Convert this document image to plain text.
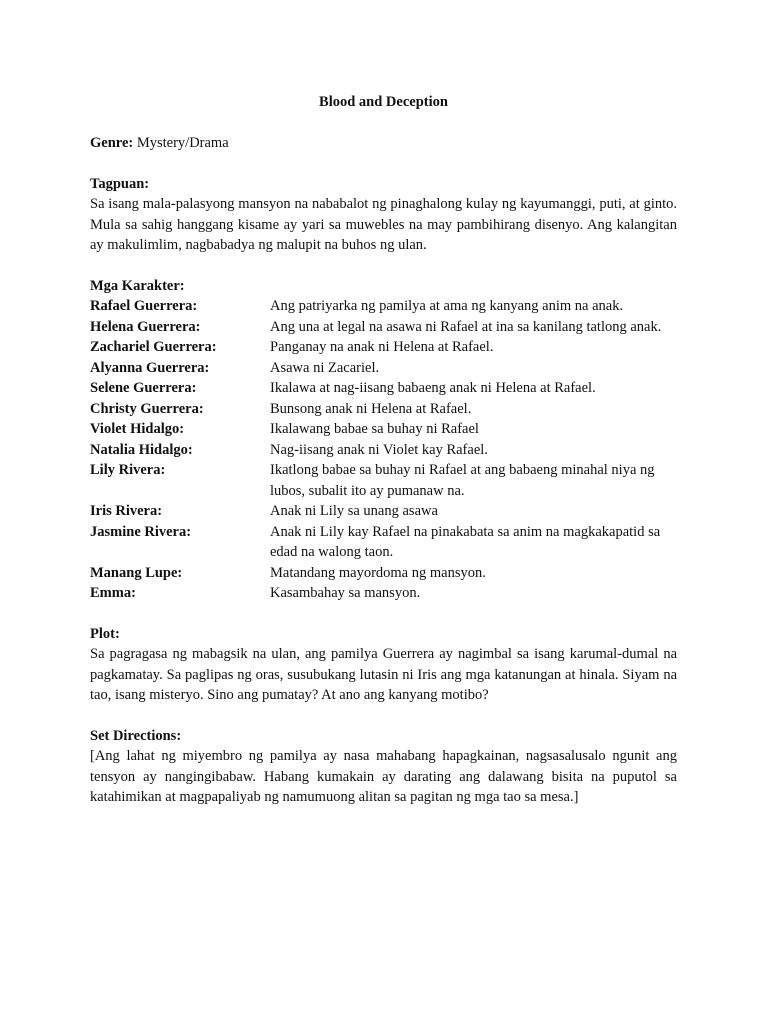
Blood and Deception

Genre: Mystery/Drama
Tagpuan:
Sa isang mala-palasyong mansyon na nababalot ng pinaghalong kulay ng kayumanggi, puti, at ginto. Mula sa sahig hanggang kisame ay yari sa muwebles na may pambihirang disenyo. Ang kalangitan ay makulimlim, nagbabadya ng malupit na buhos ng ulan.
Mga Karakter:
Rafael Guerrera:	Ang patriyarka ng pamilya at ama ng kanyang anim na anak.
Helena Guerrera:	Ang una at legal na asawa ni Rafael at ina sa kanilang tatlong anak.
Zachariel Guerrera:	Panganay na anak ni Helena at Rafael.
Alyanna Guerrera:	Asawa ni Zacariel.
Selene Guerrera:	Ikalawa at nag-iisang babaeng anak ni Helena at Rafael.
Christy Guerrera:	Bunsong anak ni Helena at Rafael.
Violet Hidalgo:	Ikalawang babae sa buhay ni Rafael
Natalia Hidalgo:	Nag-iisang anak ni Violet kay Rafael.
Lily Rivera:	Ikatlong babae sa buhay ni Rafael at ang babaeng minahal niya ng lubos, subalit ito ay pumanaw na.
Iris Rivera:	Anak ni Lily sa unang asawa
Jasmine Rivera:	Anak ni Lily kay Rafael na pinakabata sa anim na magkakapatid sa edad na walong taon.
Manang Lupe:	Matandang mayordoma ng mansyon.
Emma:	Kasambahay sa mansyon.
Plot:
Sa pagragasa ng mabagsik na ulan, ang pamilya Guerrera ay nagimbal sa isang karumal-dumal na pagkamatay. Sa paglipas ng oras, susubukang lutasin ni Iris ang mga katanungan at hinala. Siyam na tao, isang misteryo. Sino ang pumatay? At ano ang kanyang motibo?
Set Directions:
[Ang lahat ng miyembro ng pamilya ay nasa mahabang hapagkainan, nagsasalusalo ngunit ang tensyon ay nangingibabaw. Habang kumakain ay darating ang dalawang bisita na puputol sa katahimikan at magpapaliyab ng namumuong alitan sa pagitan ng mga tao sa mesa.]
